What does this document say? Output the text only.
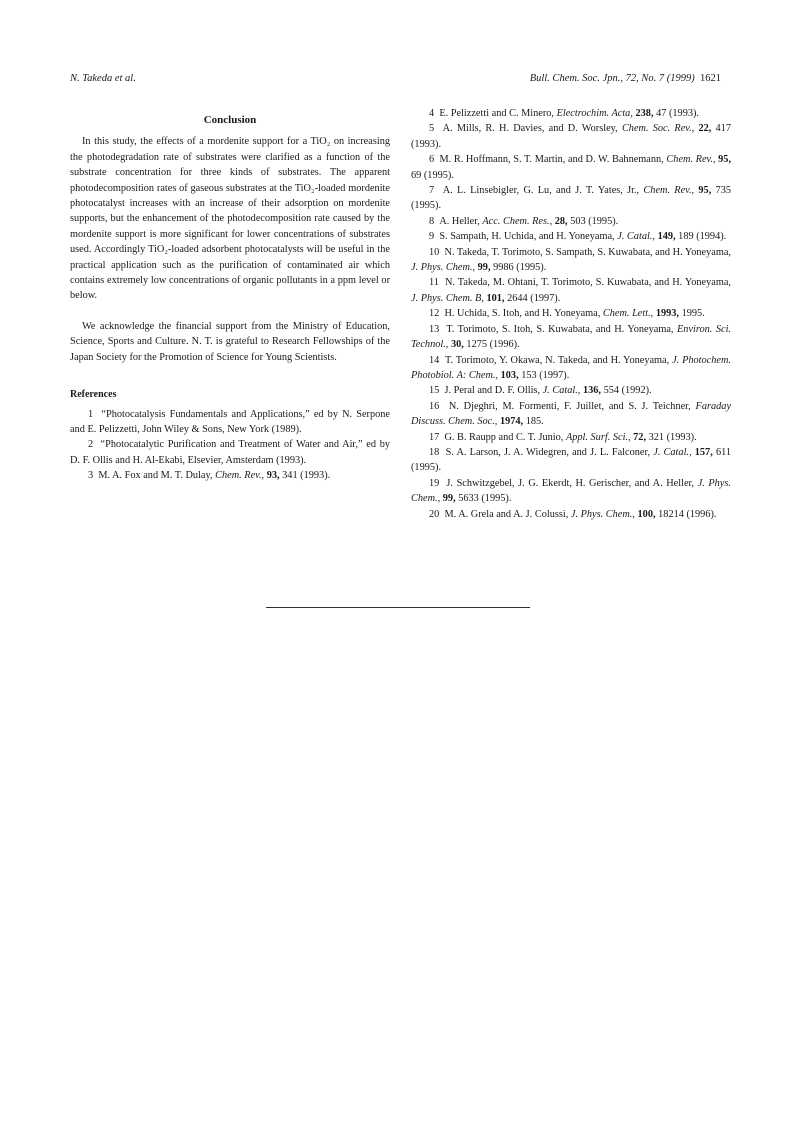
N. Takeda et al.	Bull. Chem. Soc. Jpn., 72, No. 7 (1999) 1621
Conclusion

In this study, the effects of a mordenite support for a TiO₂ on increasing the photodegradation rate of substrates were clarified as a function of the substrate concentration for three kinds of substrates. The apparent photodecomposition rates of gaseous substrates at the TiO₂-loaded mordenite photocatalyst increases with an increase of their adsorption on mordenite supports, but the enhancement of the photodecomposition rate caused by the mordenite support is more significant for lower concentrations of substrates used. Accordingly TiO₂-loaded adsorbent photocatalysts will be useful in the practical application such as the purification of contaminated air which contains extremely low concentrations of organic pollutants in a ppm level or below.

We acknowledge the financial support from the Ministry of Education, Science, Sports and Culture. N. T. is grateful to Research Fellowships of the Japan Society for the Promotion of Science for Young Scientists.

References

1 “Photocatalysis Fundamentals and Applications,” ed by N. Serpone and E. Pelizzetti, John Wiley & Sons, New York (1989).

2 “Photocatalytic Purification and Treatment of Water and Air,” ed by D. F. Ollis and H. Al-Ekabi, Elsevier, Amsterdam (1993).

3 M. A. Fox and M. T. Dulay, Chem. Rev., 93, 341 (1993).

4 E. Pelizzetti and C. Minero, Electrochim. Acta, 238, 47 (1993).

5 A. Mills, R. H. Davies, and D. Worsley, Chem. Soc. Rev., 22, 417 (1993).

6 M. R. Hoffmann, S. T. Martin, and D. W. Bahnemann, Chem. Rev., 95, 69 (1995).

7 A. L. Linsebigler, G. Lu, and J. T. Yates, Jr., Chem. Rev., 95, 735 (1995).

8 A. Heller, Acc. Chem. Res., 28, 503 (1995).

9 S. Sampath, H. Uchida, and H. Yoneyama, J. Catal., 149, 189 (1994).

10 N. Takeda, T. Torimoto, S. Sampath, S. Kuwabata, and H. Yoneyama, J. Phys. Chem., 99, 9986 (1995).

11 N. Takeda, M. Ohtani, T. Torimoto, S. Kuwabata, and H. Yoneyama, J. Phys. Chem. B, 101, 2644 (1997).

12 H. Uchida, S. Itoh, and H. Yoneyama, Chem. Lett., 1993, 1995.

13 T. Torimoto, S. Itoh, S. Kuwabata, and H. Yoneyama, Environ. Sci. Technol., 30, 1275 (1996).

14 T. Torimoto, Y. Okawa, N. Takeda, and H. Yoneyama, J. Photochem. Photobiol. A: Chem., 103, 153 (1997).

15 J. Peral and D. F. Ollis, J. Catal., 136, 554 (1992).

16 N. Djeghri, M. Formenti, F. Juillet, and S. J. Teichner, Faraday Discuss. Chem. Soc., 1974, 185.

17 G. B. Raupp and C. T. Junio, Appl. Surf. Sci., 72, 321 (1993).

18 S. A. Larson, J. A. Widegren, and J. L. Falconer, J. Catal., 157, 611 (1995).

19 J. Schwitzgebel, J. G. Ekerdt, H. Gerischer, and A. Heller, J. Phys. Chem., 99, 5633 (1995).

20 M. A. Grela and A. J. Colussi, J. Phys. Chem., 100, 18214 (1996).
